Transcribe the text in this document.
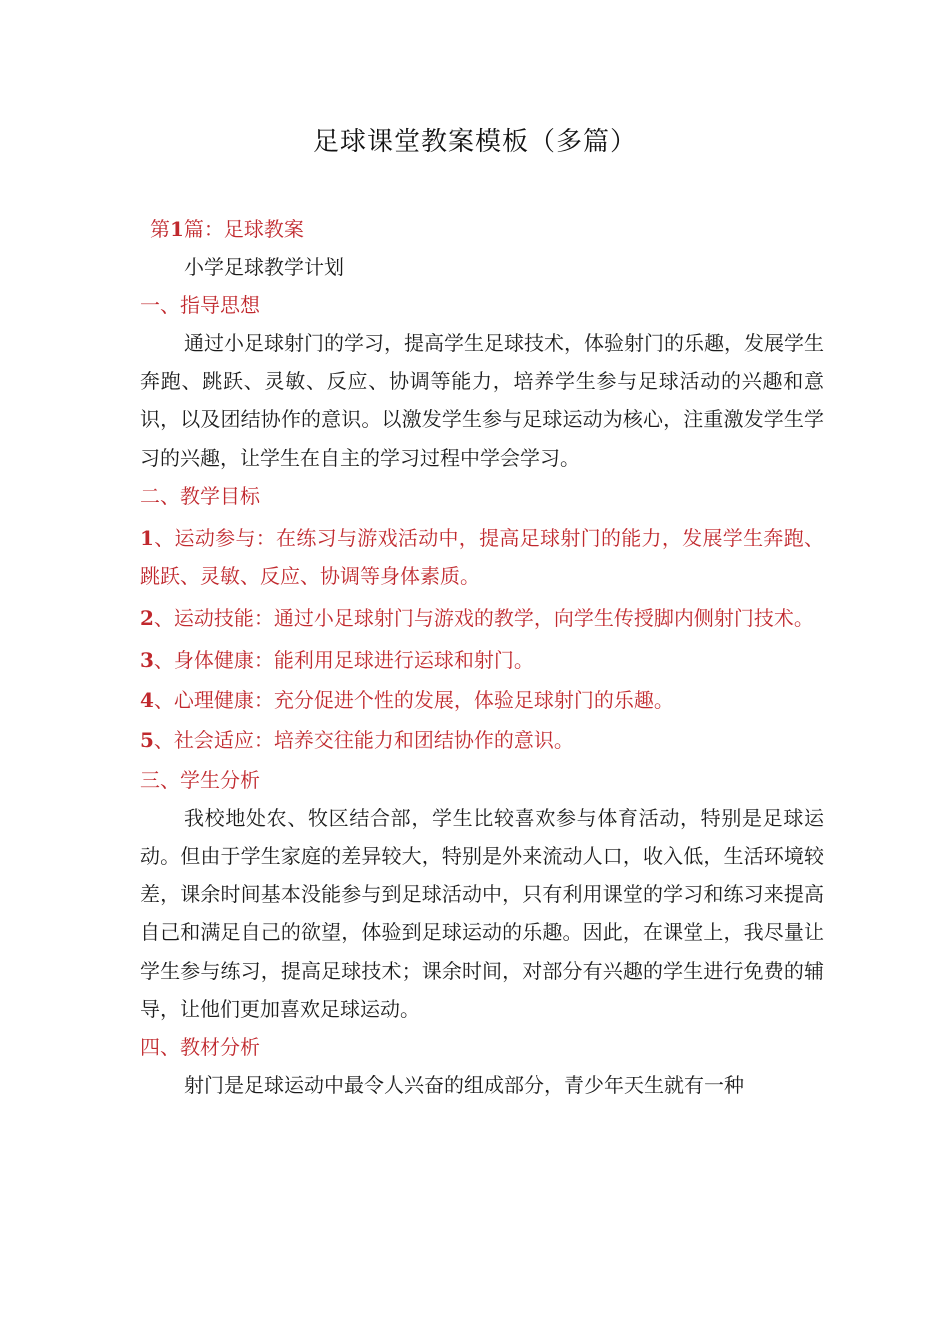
足球课堂教案模板（多篇）

第1篇：足球教案

小学足球教学计划

一、指导思想

通过小足球射门的学习，提高学生足球技术，体验射门的乐趣，发展学生奔跑、跳跃、灵敏、反应、协调等能力，培养学生参与足球活动的兴趣和意识，以及团结协作的意识。以激发学生参与足球运动为核心，注重激发学生学习的兴趣，让学生在自主的学习过程中学会学习。

二、教学目标

1、运动参与：在练习与游戏活动中，提高足球射门的能力，发展学生奔跑、跳跃、灵敏、反应、协调等身体素质。

2、运动技能：通过小足球射门与游戏的教学，向学生传授脚内侧射门技术。

3、身体健康：能利用足球进行运球和射门。

4、心理健康：充分促进个性的发展，体验足球射门的乐趣。

5、社会适应：培养交往能力和团结协作的意识。

三、学生分析

我校地处农、牧区结合部，学生比较喜欢参与体育活动，特别是足球运动。但由于学生家庭的差异较大，特别是外来流动人口，收入低，生活环境较差，课余时间基本没能参与到足球活动中，只有利用课堂的学习和练习来提高自己和满足自己的欲望，体验到足球运动的乐趣。因此，在课堂上，我尽量让学生参与练习，提高足球技术；课余时间，对部分有兴趣的学生进行免费的辅导，让他们更加喜欢足球运动。

四、教材分析

射门是足球运动中最令人兴奋的组成部分，青少年天生就有一种
